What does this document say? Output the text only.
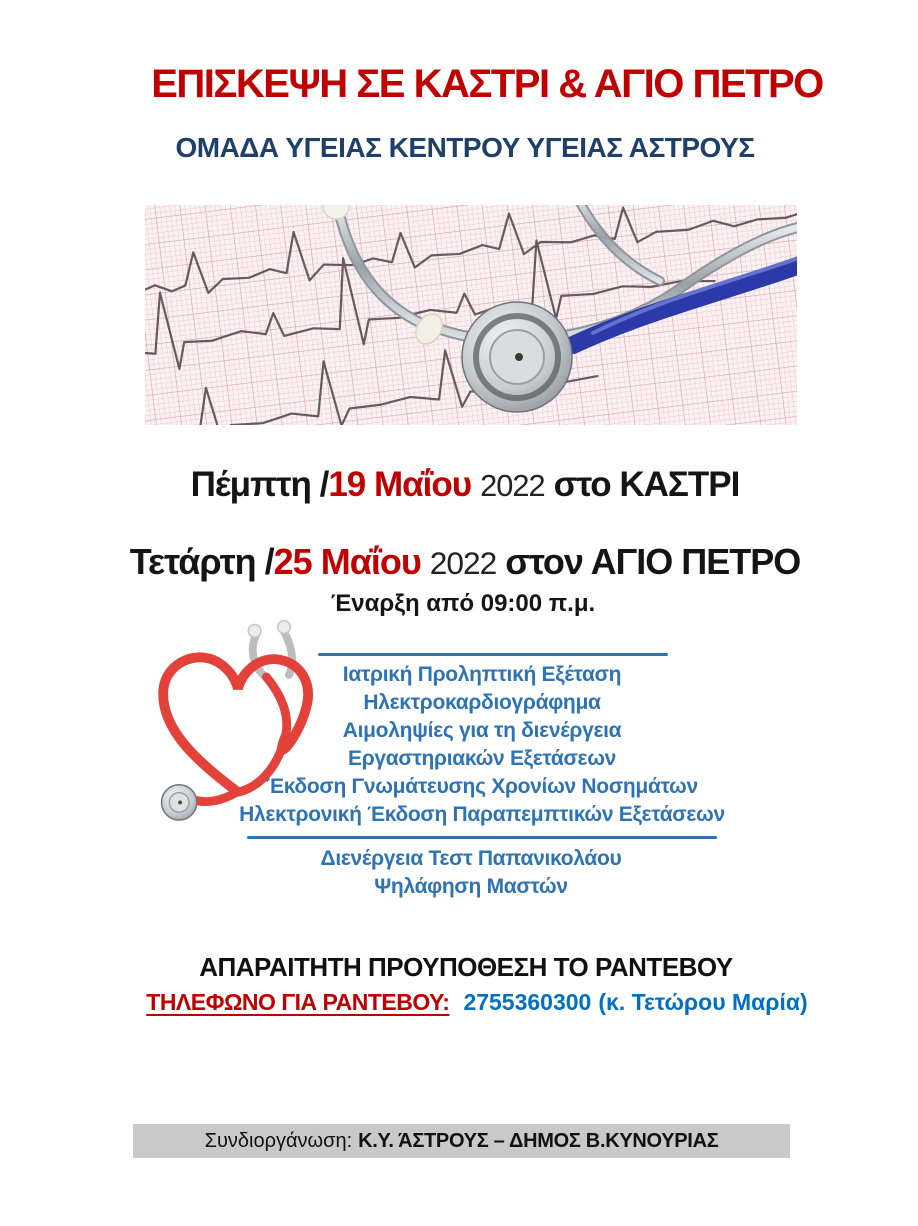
ΕΠΙΣΚΕΨΗ ΣΕ ΚΑΣΤΡΙ & ΑΓΙΟ ΠΕΤΡΟ
ΟΜΑΔΑ ΥΓΕΙΑΣ ΚΕΝΤΡΟΥ ΥΓΕΙΑΣ ΑΣΤΡΟΥΣ
Πέμπτη /19 Μαΐου 2022 στο ΚΑΣΤΡΙ
Τετάρτη /25 Μαΐου 2022 στον ΑΓΙΟ ΠΕΤΡΟ
Έναρξη από 09:00 π.μ.
Ιατρική Προληπτική Εξέταση
Ηλεκτροκαρδιογράφημα
Αιμοληψίες για τη διενέργεια
Εργαστηριακών Εξετάσεων
Έκδοση Γνωμάτευσης Χρονίων Νοσημάτων
Ηλεκτρονική Έκδοση Παραπεμπτικών Εξετάσεων
Διενέργεια Τεστ Παπανικολάου
Ψηλάφηση Μαστών
ΑΠΑΡΑΙΤΗΤΗ ΠΡΟΥΠΟΘΕΣΗ ΤΟ ΡΑΝΤΕΒΟΥ
ΤΗΛΕΦΩΝΟ ΓΙΑ ΡΑΝΤΕΒΟΥ: 2755360300 (κ. Τετώρου Μαρία)
Συνδιοργάνωση: Κ.Υ. ΆΣΤΡΟΥΣ – ΔΗΜΟΣ Β.ΚΥΝΟΥΡΙΑΣ
